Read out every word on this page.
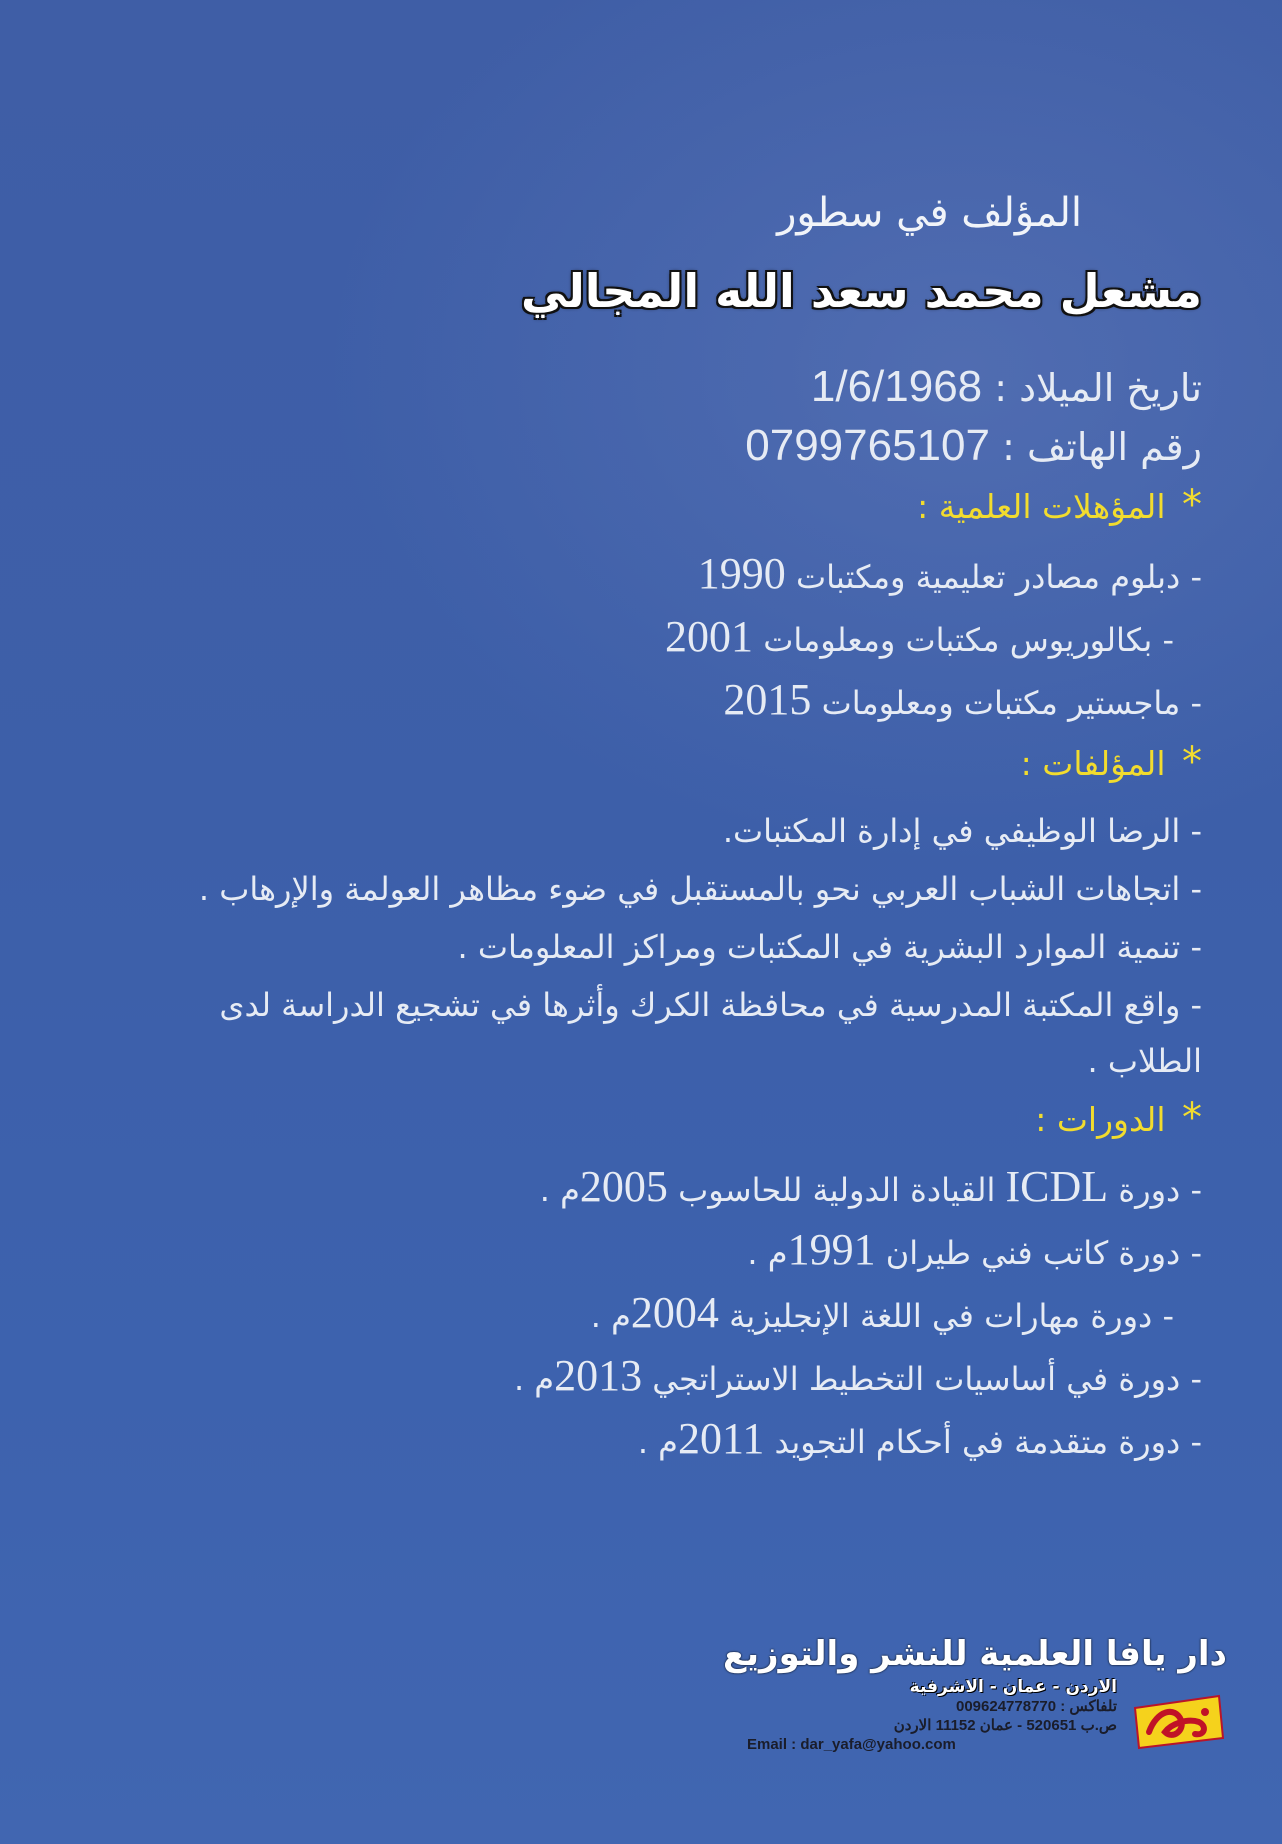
المؤلف في سطور
مشعل محمد سعد الله المجالي

تاريخ الميلاد : 1/6/1968

رقم الهاتف : 0799765107

* المؤهلات العلمية :

- دبلوم مصادر تعليمية ومكتبات 1990

- بكالوريوس مكتبات ومعلومات 2001

- ماجستير مكتبات ومعلومات 2015

* المؤلفات :

- الرضا الوظيفي في إدارة المكتبات.

- اتجاهات الشباب العربي نحو بالمستقبل في ضوء مظاهر العولمة والإرهاب .

- تنمية الموارد البشرية في المكتبات ومراكز المعلومات .

- واقع المكتبة المدرسية في محافظة الكرك وأثرها في تشجيع الدراسة لدى الطلاب .

* الدورات :

- دورة ICDL القيادة الدولية للحاسوب 2005م .

- دورة كاتب فني طيران 1991م .

- دورة مهارات في اللغة الإنجليزية 2004م .

- دورة في أساسيات التخطيط الاستراتجي 2013م .

- دورة متقدمة في أحكام التجويد 2011م .

دار يافا العلمية للنشر والتوزيع

الاردن - عمان - الاشرفية

تلفاكس : 009624778770

ص.ب 520651 - عمان 11152 الاردن

Email : dar_yafa@yahoo.com
